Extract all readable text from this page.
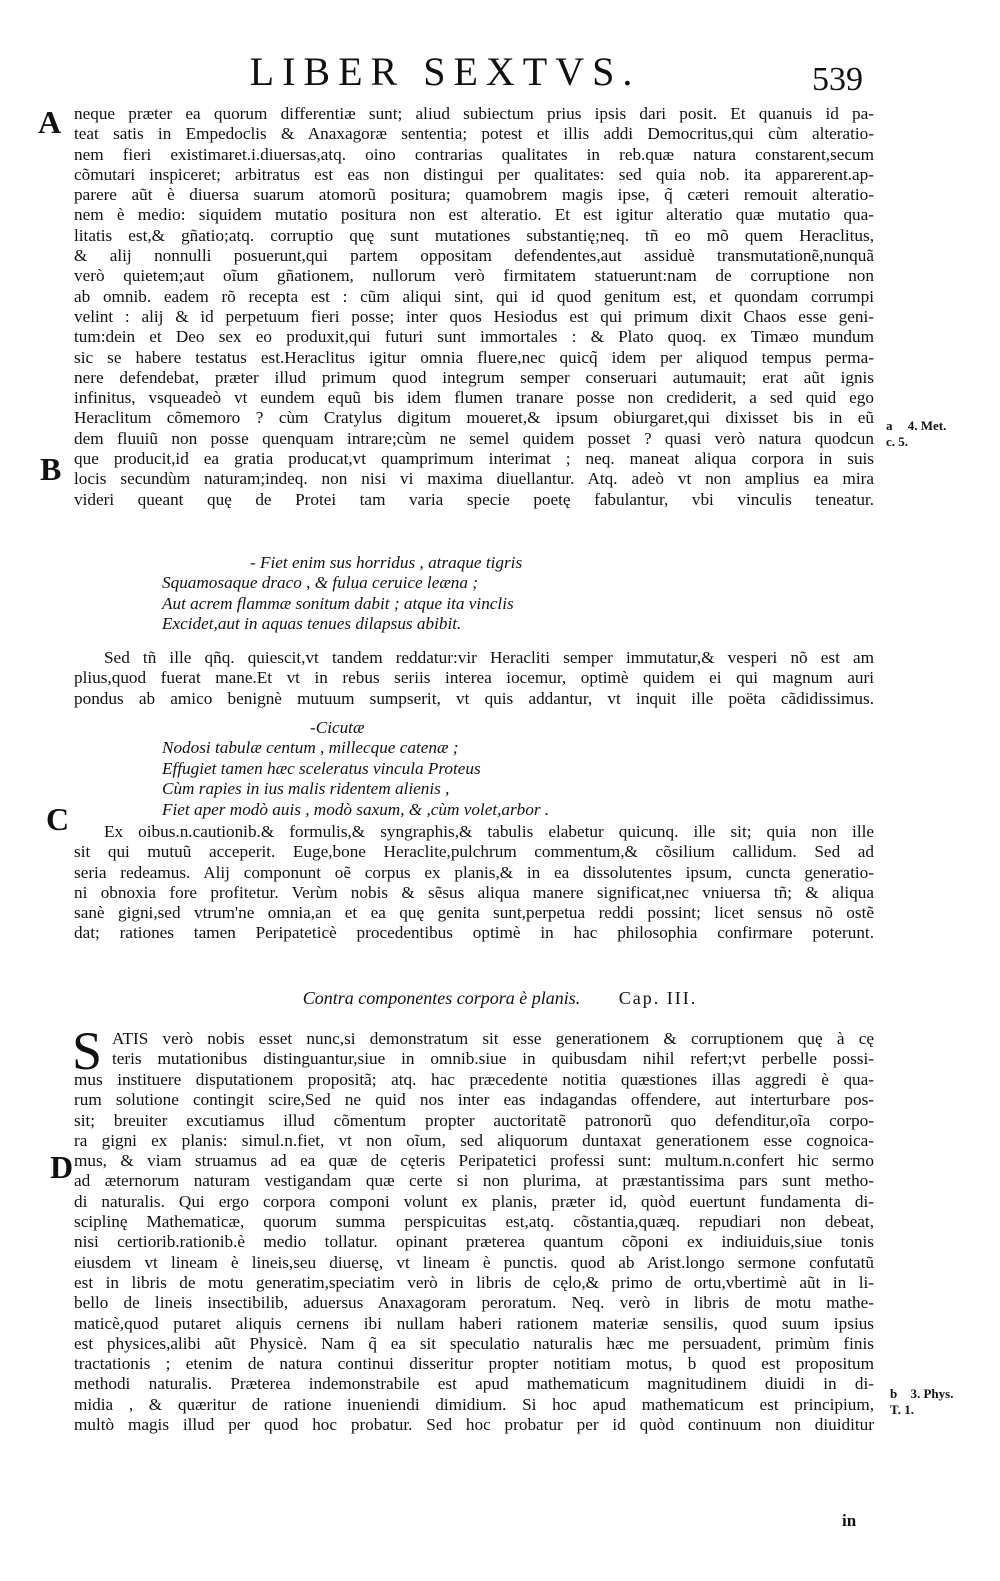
LIBER SEXTVS.	539
A
B
C
D
a 4. Met.
c. 5.
b 3. Phys.
T. 1.
neque præter ea quorum differentiæ sunt; aliud subiectum prius ipsis dari posit. Et quanuis id pa-
teat satis in Empedoclis & Anaxagoræ sententia; potest et illis addi Democritus,qui cùm alteratio-
nem fieri existimaret.i.diuersas,atq. oino contrarias qualitates in reb.quæ natura constarent,secum
cõmutari inspiceret; arbitratus est eas non distingui per qualitates: sed quia nob. ita apparerent.ap-
parere aũt è diuersa suarum atomorũ positura; quamobrem magis ipse, q̃ cæteri remouit alteratio-
nem è medio: siquidem mutatio positura non est alteratio. Et est igitur alteratio quæ mutatio qua-
litatis est,& gñatio;atq. corruptio quę sunt mutationes substantię;neq. tñ eo mõ quem Heraclitus,
& alij nonnulli posuerunt,qui partem oppositam defendentes,aut assiduè transmutationẽ,nunquã
verò quietem;aut oĩum gñationem, nullorum verò firmitatem statuerunt:nam de corruptione non
ab omnib. eadem rõ recepta est : cũm aliqui sint, qui id quod genitum est, et quondam corrumpi
velint : alij & id perpetuum fieri posse; inter quos Hesiodus est qui primum dixit Chaos esse geni-
tum:dein et Deo sex eo produxit,qui futuri sunt immortales : & Plato quoq. ex Timæo mundum
sic se habere testatus est.Heraclitus igitur omnia fluere,nec quicq̃ idem per aliquod tempus perma-
nere defendebat, præter illud primum quod integrum semper conseruari autumauit; erat aũt ignis
infinitus, vsqueadeò vt eundem equũ bis idem flumen tranare posse non crediderit, a sed quid ego
Heraclitum cõmemoro ? cùm Cratylus digitum moueret,& ipsum obiurgaret,qui dixisset bis in eũ
dem fluuiũ non posse quenquam intrare;cùm ne semel quidem posset ? quasi verò natura quodcun
que producit,id ea gratia producat,vt quamprimum interimat ; neq. maneat aliqua corpora in suis
locis secundùm naturam;indeq. non nisi vi maxima diuellantur. Atq. adeò vt non amplius ea mira
videri queant quę de Protei tam varia specie poetę fabulantur, vbi vinculis teneatur.
- Fiet enim sus horridus , atraque tigris
Squamosaque draco , & fulua ceruice leæna ;
Aut acrem flammæ sonitum dabit ; atque ita vinclis
Excidet,aut in aquas tenues dilapsus abibit.
Sed tñ ille qñq. quiescit,vt tandem reddatur:vir Heracliti semper immutatur,& vesperi nõ est am
plius,quod fuerat mane.Et vt in rebus seriis interea iocemur, optimè quidem ei qui magnum auri
pondus ab amico benignè mutuum sumpserit, vt quis addantur, vt inquit ille poëta cãdidissimus.
-Cicutæ
Nodosi tabulæ centum , millecque catenæ ;
Effugiet tamen hæc sceleratus vincula Proteus
Cùm rapies in ius malis ridentem alienis ,
Fiet aper modò auis , modò saxum, & ,cùm volet,arbor .
Ex oibus.n.cautionib.& formulis,& syngraphis,& tabulis elabetur quicunq. ille sit; quia non ille
sit qui mutuũ acceperit. Euge,bone Heraclite,pulchrum commentum,& cõsilium callidum. Sed ad
seria redeamus. Alij componunt oẽ corpus ex planis,& in ea dissolutentes ipsum, cuncta generatio-
ni obnoxia fore profitetur. Verùm nobis & sẽsus aliqua manere significat,nec vniuersa tñ; & aliqua
sanè gigni,sed vtrum'ne omnia,an et ea quę genita sunt,perpetua reddi possint; licet sensus nõ ostẽ
dat; rationes tamen Peripateticè procedentibus optimè in hac philosophia confirmare poterunt.
Contra componentes corpora è planis. Cap. III.
S ATIS verò nobis esset nunc,si demonstratum sit esse generationem & corruptionem quę à cę
teris mutationibus distinguantur,siue in omnib.siue in quibusdam nihil refert;vt perbelle possi-
mus instituere disputationem propositã; atq. hac præcedente notitia quæstiones illas aggredi è qua-
rum solutione contingit scire,Sed ne quid nos inter eas indagandas offendere, aut interturbare pos-
sit; breuiter excutiamus illud cõmentum propter auctoritatẽ patronorũ quo defenditur,oĩa corpo-
ra gigni ex planis: simul.n.fiet, vt non oĩum, sed aliquorum duntaxat generationem esse cognoica-
mus, & viam struamus ad ea quæ de cęteris Peripatetici professi sunt: multum.n.confert hic sermo
ad æternorum naturam vestigandam quæ certe si non plurima, at præstantissima pars sunt metho-
di naturalis. Qui ergo corpora componi volunt ex planis, præter id, quòd euertunt fundamenta di-
sciplinę Mathematicæ, quorum summa perspicuitas est,atq. cõstantia,quæq. repudiari non debeat,
nisi certiorib.rationib.è medio tollatur. opinant præterea quantum cõponi ex indiuiduis,siue tonis
eiusdem vt lineam è lineis,seu diuersę, vt lineam è punctis. quod ab Arist.longo sermone confutatũ
est in libris de motu generatim,speciatim verò in libris de cęlo,& primo de ortu,vbertimè aũt in li-
bello de lineis insectibilib, aduersus Anaxagoram peroratum. Neq. verò in libris de motu mathe-
maticè,quod putaret aliquis cernens ibi nullam haberi rationem materiæ sensilis, quod suum ipsius
est physices,alibi aũt Physicè. Nam q̃ ea sit speculatio naturalis hæc me persuadent, primùm finis
tractationis ; etenim de natura continui disseritur propter notitiam motus, b quod est propositum
methodi naturalis. Præterea indemonstrabile est apud mathematicum magnitudinem diuidi in di-
midia , & quæritur de ratione inueniendi dimidium. Si hoc apud mathematicum est principium,
multò magis illud per quod hoc probatur. Sed hoc probatur per id quòd continuum non diuiditur
in
